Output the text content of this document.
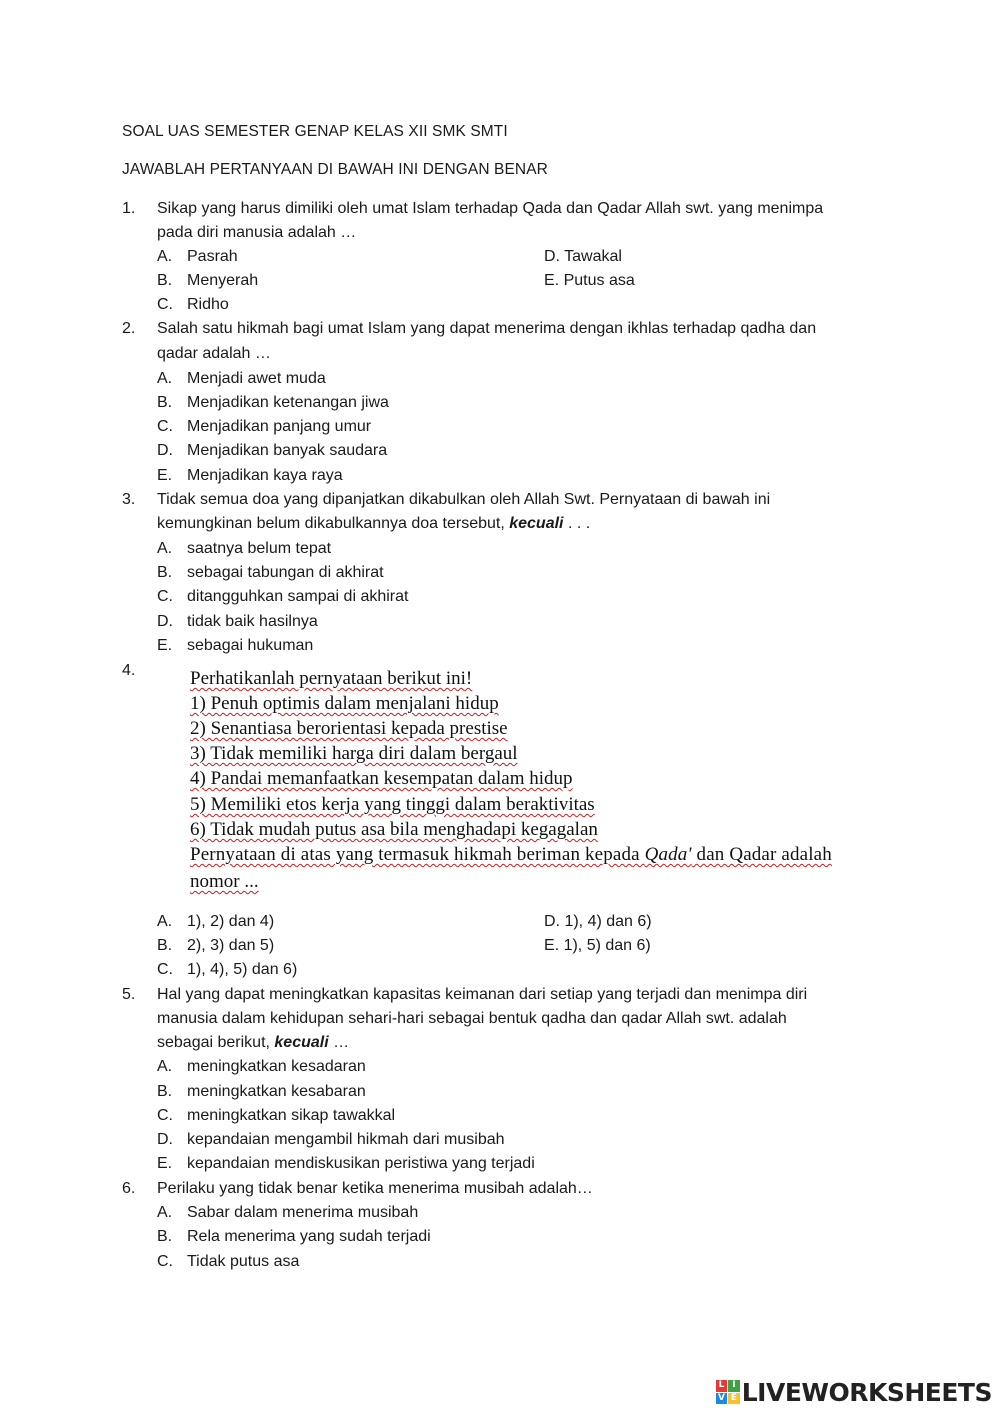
SOAL UAS SEMESTER GENAP KELAS XII SMK SMTI
JAWABLAH PERTANYAAN DI BAWAH INI DENGAN BENAR
1. Sikap yang harus dimiliki oleh umat Islam terhadap Qada dan Qadar Allah swt. yang menimpa
pada diri manusia adalah …
A. Pasrah
B. Menyerah
C. Ridho
D. Tawakal
E. Putus asa
2. Salah satu hikmah bagi umat Islam yang dapat menerima dengan ikhlas terhadap qadha dan
qadar adalah …
A. Menjadi awet muda
B. Menjadikan ketenangan jiwa
C. Menjadikan panjang umur
D. Menjadikan banyak saudara
E. Menjadikan kaya raya
3. Tidak semua doa yang dipanjatkan dikabulkan oleh Allah Swt. Pernyataan di bawah ini
kemungkinan belum dikabulkannya doa tersebut, kecuali . . .
A. saatnya belum tepat
B. sebagai tabungan di akhirat
C. ditangguhkan sampai di akhirat
D. tidak baik hasilnya
E. sebagai hukuman
4.	Perhatikanlah pernyataan berikut ini!
1) Penuh optimis dalam menjalani hidup
2) Senantiasa berorientasi kepada prestise
3) Tidak memiliki harga diri dalam bergaul
4) Pandai memanfaatkan kesempatan dalam hidup
5) Memiliki etos kerja yang tinggi dalam beraktivitas
6) Tidak mudah putus asa bila menghadapi kegagalan
Pernyataan di atas yang termasuk hikmah beriman kepada Qada' dan Qadar adalah
nomor ...
A. 1), 2) dan 4)
B. 2), 3) dan 5)
C. 1), 4), 5) dan 6)
D. 1), 4) dan 6)
E. 1), 5) dan 6)
5. Hal yang dapat meningkatkan kapasitas keimanan dari setiap yang terjadi dan menimpa diri
manusia dalam kehidupan sehari-hari sebagai bentuk qadha dan qadar Allah swt. adalah
sebagai berikut, kecuali …
A. meningkatkan kesadaran
B. meningkatkan kesabaran
C. meningkatkan sikap tawakkal
D. kepandaian mengambil hikmah dari musibah
E. kepandaian mendiskusikan peristiwa yang terjadi
6. Perilaku yang tidak benar ketika menerima musibah adalah…
A. Sabar dalam menerima musibah
B. Rela menerima yang sudah terjadi
C. Tidak putus asa
L I
V E LIVEWORKSHEETS
